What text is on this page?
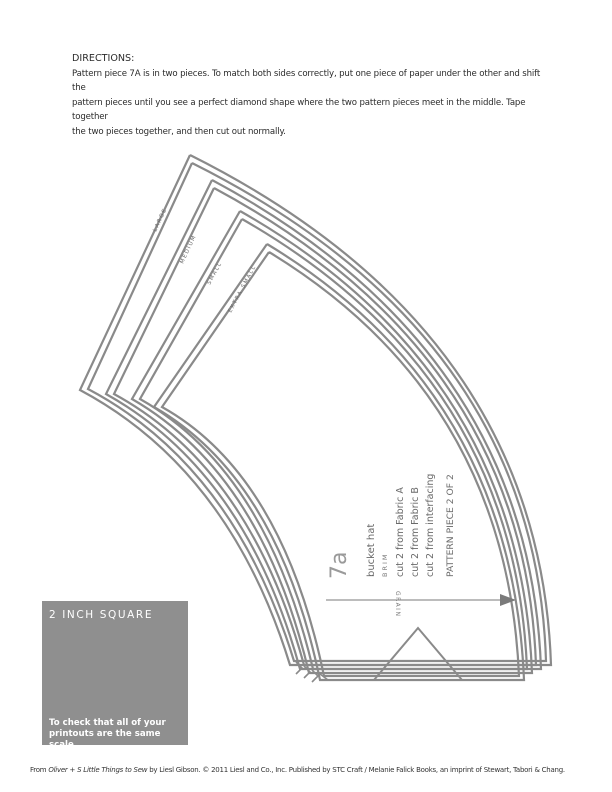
DIRECTIONS:
Pattern piece 7A is in two pieces. To match both sides correctly, put one piece of paper under the other and shift the
pattern pieces until you see a perfect diamond shape where the two pattern pieces meet in the middle. Tape together
the two pieces together, and then cut out normally.
GRAIN
LARGE
MEDIUM
SMALL EXTRA SMALL
7a bucket hat BRIM cut 2 from Fabric A cut 2 from Fabric B cut 2 from interfacing PATTERN PIECE 2 OF 2
2 INCH SQUARE
To check that all of your
printouts are the same scale
From Oliver + S Little Things to Sew by Liesl Gibson. © 2011 Liesl and Co., Inc. Published by STC Craft / Melanie Falick Books, an imprint of Stewart, Tabori & Chang.
